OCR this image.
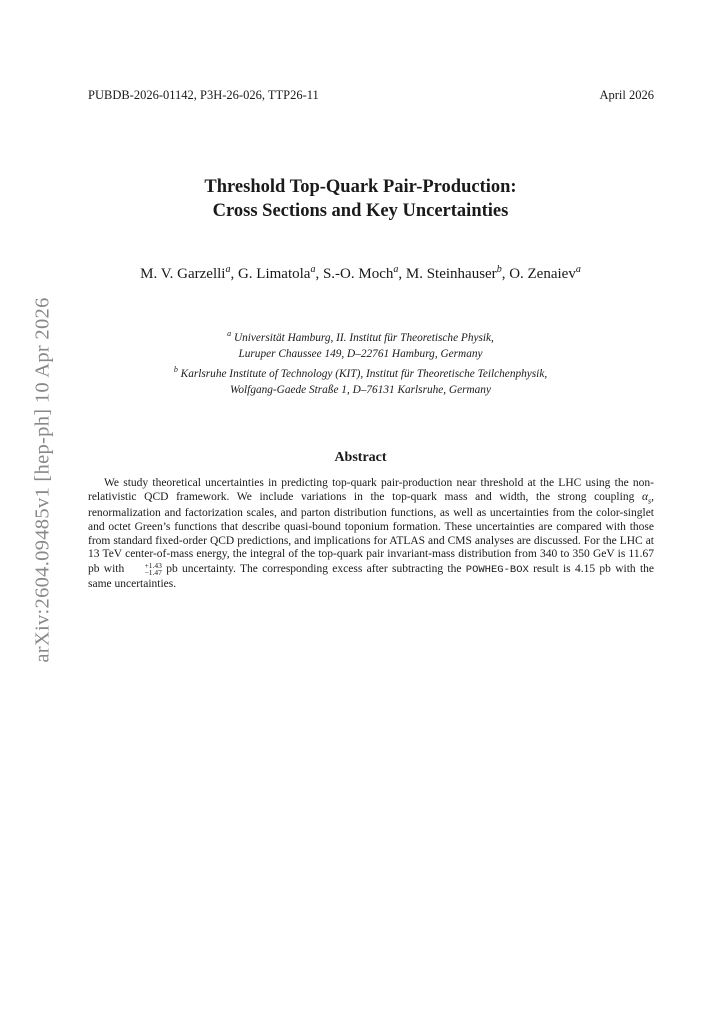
PUBDB-2026-01142, P3H-26-026, TTP26-11	April 2026
Threshold Top-Quark Pair-Production:
Cross Sections and Key Uncertainties
M. V. Garzelli$^a$, G. Limatola$^a$, S.-O. Moch$^a$, M. Steinhauser$^b$, O. Zenaiev$^a$
$^a$ Universität Hamburg, II. Institut für Theoretische Physik,
Luruper Chaussee 149, D–22761 Hamburg, Germany
$^b$ Karlsruhe Institute of Technology (KIT), Institut für Theoretische Teilchenphysik,
Wolfgang-Gaede Straße 1, D–76131 Karlsruhe, Germany
arXiv:2604.09485v1 [hep-ph] 10 Apr 2026	Abstract

We study theoretical uncertainties in predicting top-quark pair-production near threshold at the LHC using the non-relativistic QCD framework. We include variations in the top-quark mass and width, the strong coupling $\alpha_s$, renormalization and factorization scales, and parton distribution functions, as well as uncertainties from the color-singlet and octet Green’s functions that describe quasi-bound toponium formation. These uncertainties are compared with those from standard fixed-order QCD predictions, and implications for ATLAS and CMS analyses are discussed. For the LHC at 13 TeV center-of-mass energy, the integral of the top-quark pair invariant-mass distribution from 340 to 350 GeV is 11.67 pb with	+1.43
−1.47 pb uncertainty. The corresponding excess after subtracting the POWHEG-BOX result is 4.15 pb with the same uncertainties.
